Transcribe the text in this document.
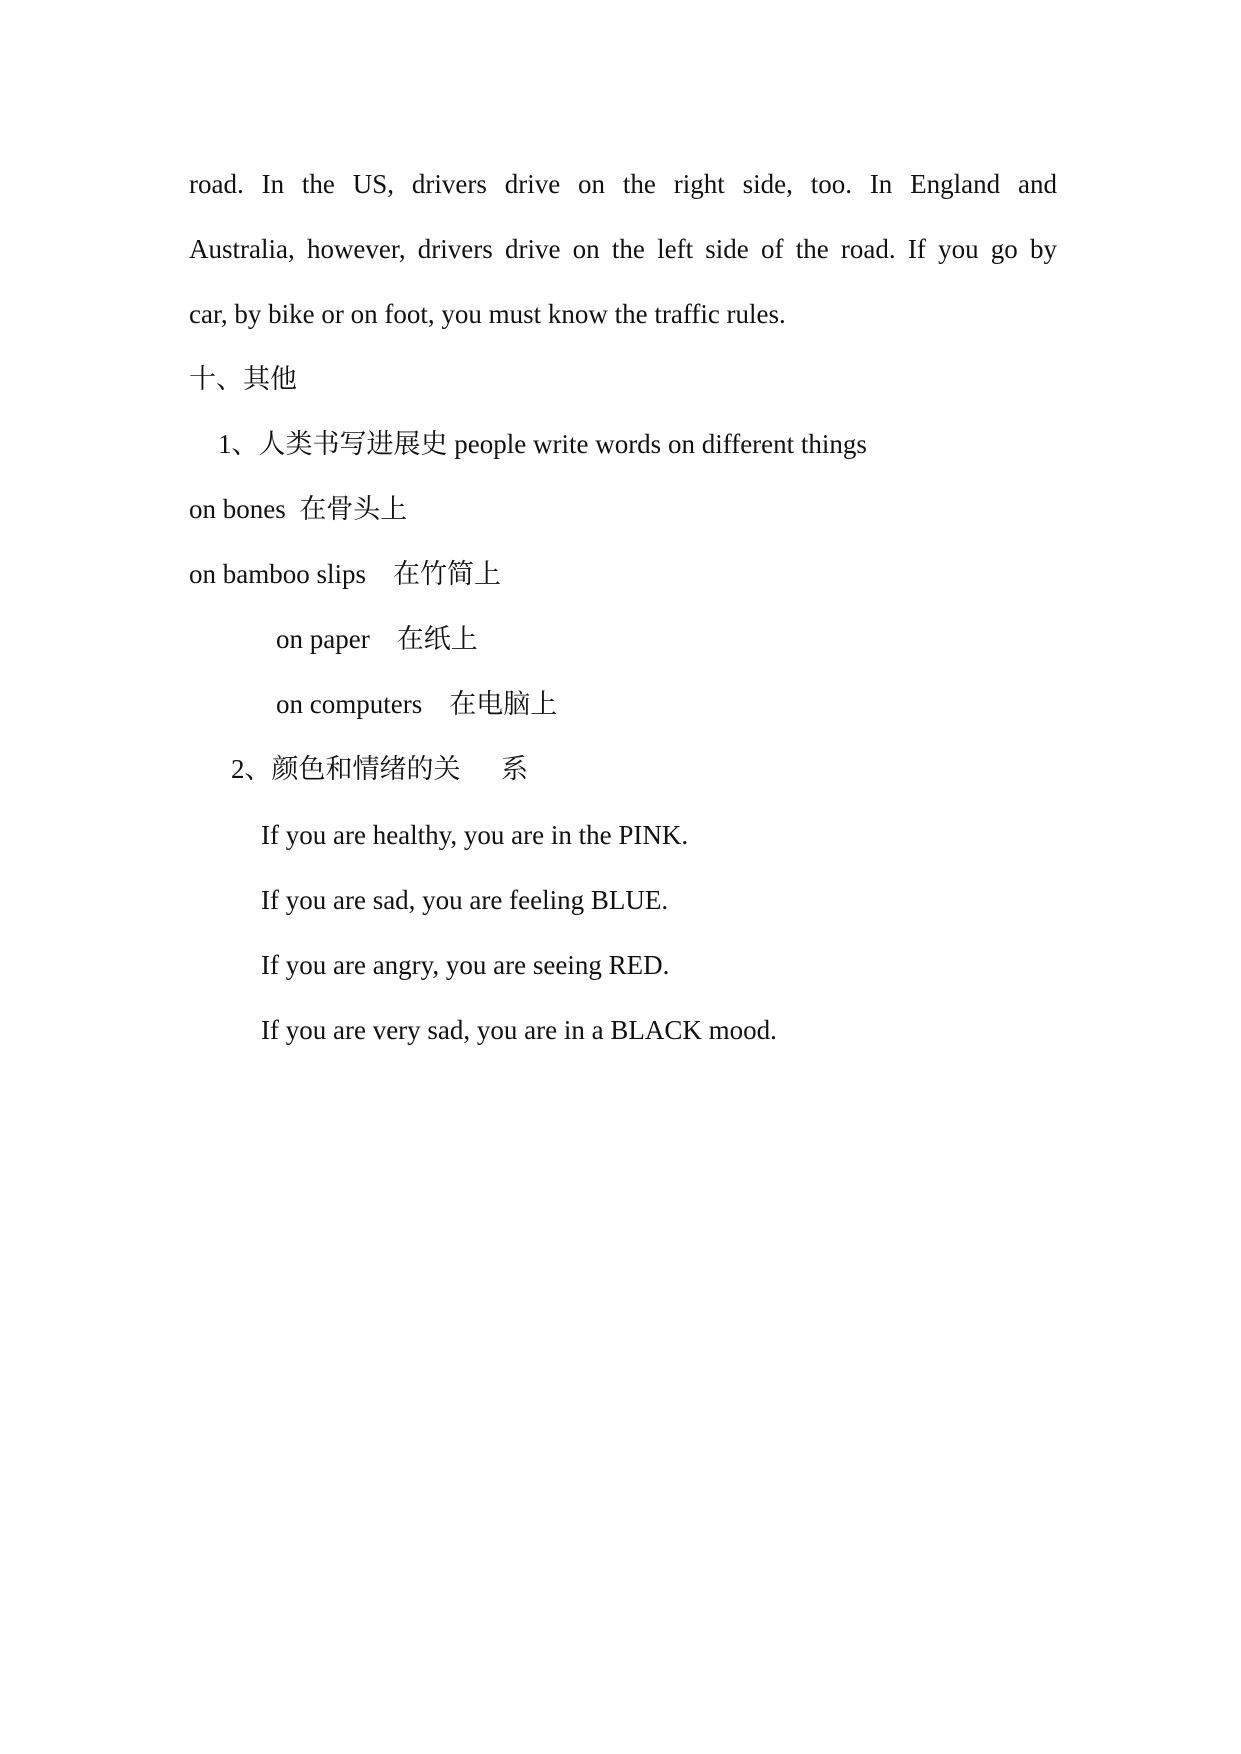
road. In the US, drivers drive on the right side, too. In England and
Australia, however, drivers drive on the left side of the road. If you go by
car, by bike or on foot, you must know the traffic rules.
十、其他
1、人类书写进展史 people write words on different things
on bones  在骨头上
on bamboo slips    在竹简上
on paper    在纸上
on computers    在电脑上
2、颜色和情绪的关      系
If you are healthy, you are in the PINK.
If you are sad, you are feeling BLUE.
If you are angry, you are seeing RED.
If you are very sad, you are in a BLACK mood.
